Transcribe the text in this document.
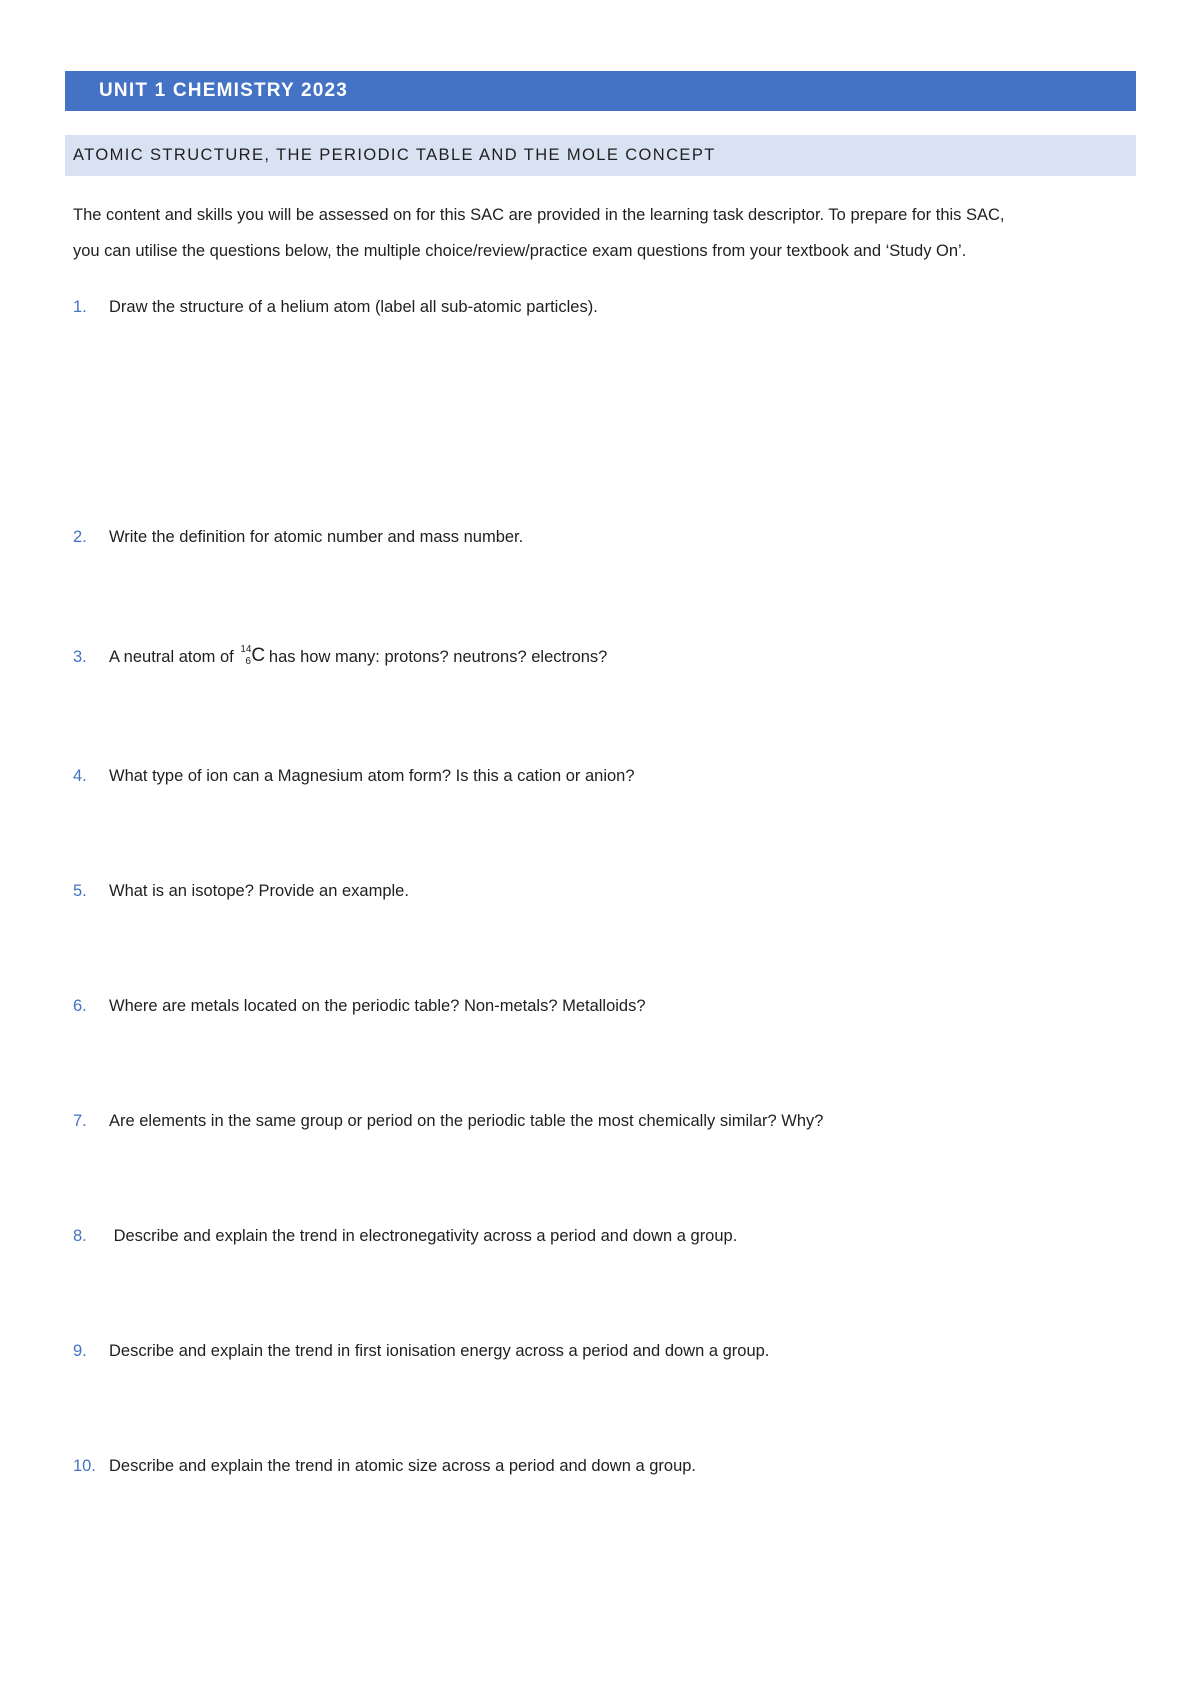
UNIT 1 CHEMISTRY 2023
ATOMIC STRUCTURE, THE PERIODIC TABLE AND THE MOLE CONCEPT

The content and skills you will be assessed on for this SAC are provided in the learning task descriptor. To prepare for this SAC,
you can utilise the questions below, the multiple choice/review/practice exam questions from your textbook and ‘Study On’.

1.	Draw the structure of a helium atom (label all sub-atomic particles).
2.	Write the definition for atomic number and mass number.
3.	A neutral atom of 14
6 C has how many: protons? neutrons? electrons?
4.	What type of ion can a Magnesium atom form? Is this a cation or anion?
5.	What is an isotope? Provide an example.
6.	Where are metals located on the periodic table? Non-metals? Metalloids?
7.	Are elements in the same group or period on the periodic table the most chemically similar? Why?
8.	Describe and explain the trend in electronegativity across a period and down a group.
9.	Describe and explain the trend in first ionisation energy across a period and down a group.
10. Describe and explain the trend in atomic size across a period and down a group.
